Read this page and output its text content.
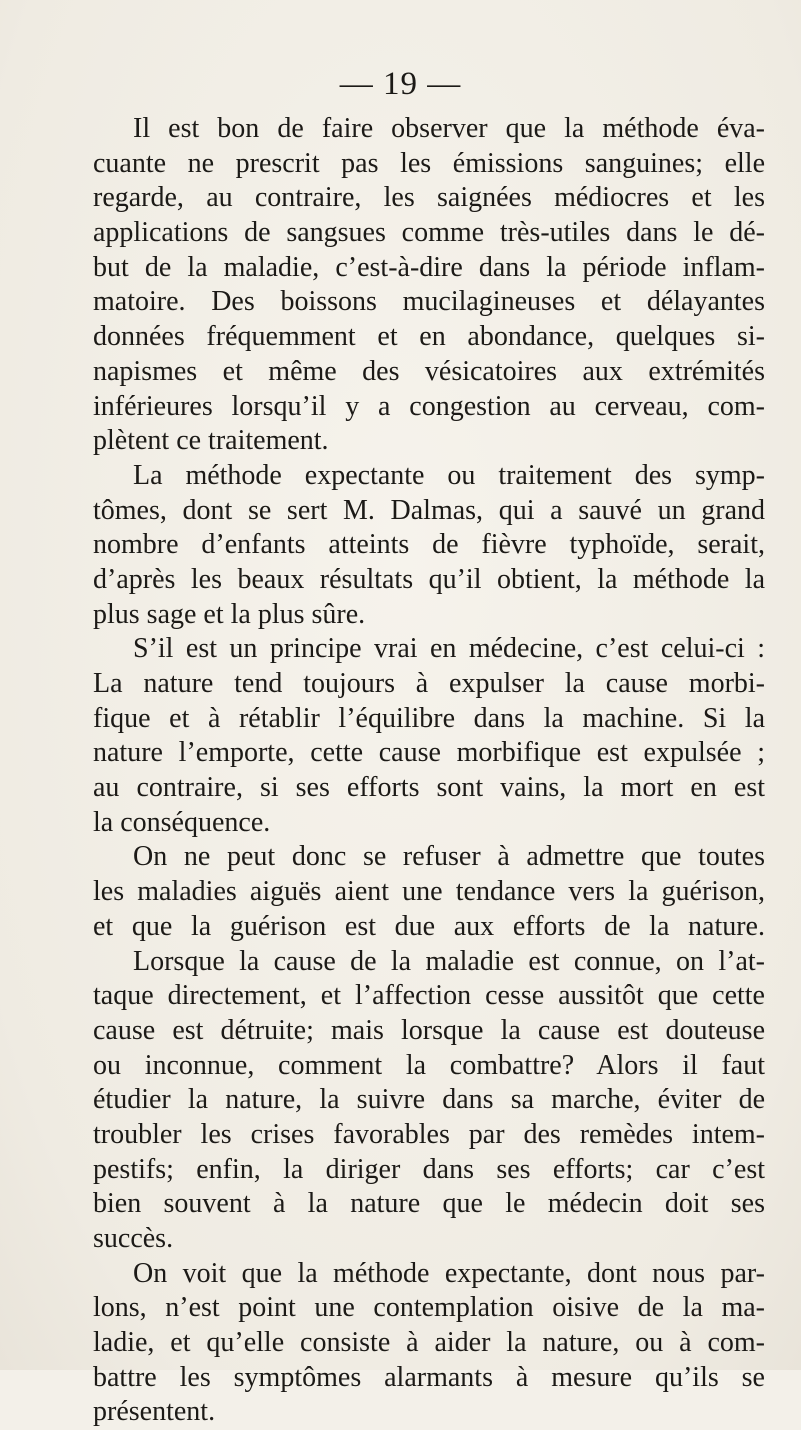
— 19 —
Il est bon de faire observer que la méthode éva-
cuante ne prescrit pas les émissions sanguines; elle
regarde, au contraire, les saignées médiocres et les
applications de sangsues comme très-utiles dans le dé-
but de la maladie, c’est-à-dire dans la période inflam-
matoire. Des boissons mucilagineuses et délayantes
données fréquemment et en abondance, quelques si-
napismes et même des vésicatoires aux extrémités
inférieures lorsqu’il y a congestion au cerveau, com-
plètent ce traitement.
La méthode expectante ou traitement des symp-
tômes, dont se sert M. Dalmas, qui a sauvé un grand
nombre d’enfants atteints de fièvre typhoïde, serait,
d’après les beaux résultats qu’il obtient, la méthode la
plus sage et la plus sûre.
S’il est un principe vrai en médecine, c’est celui-ci :
La nature tend toujours à expulser la cause morbi-
fique et à rétablir l’équilibre dans la machine. Si la
nature l’emporte, cette cause morbifique est expulsée ;
au contraire, si ses efforts sont vains, la mort en est
la conséquence.
On ne peut donc se refuser à admettre que toutes
les maladies aiguës aient une tendance vers la guérison,
et que la guérison est due aux efforts de la nature.
Lorsque la cause de la maladie est connue, on l’at-
taque directement, et l’affection cesse aussitôt que cette
cause est détruite; mais lorsque la cause est douteuse
ou inconnue, comment la combattre? Alors il faut
étudier la nature, la suivre dans sa marche, éviter de
troubler les crises favorables par des remèdes intem-
pestifs; enfin, la diriger dans ses efforts; car c’est
bien souvent à la nature que le médecin doit ses
succès.
On voit que la méthode expectante, dont nous par-
lons, n’est point une contemplation oisive de la ma-
ladie, et qu’elle consiste à aider la nature, ou à com-
battre les symptômes alarmants à mesure qu’ils se
présentent.
